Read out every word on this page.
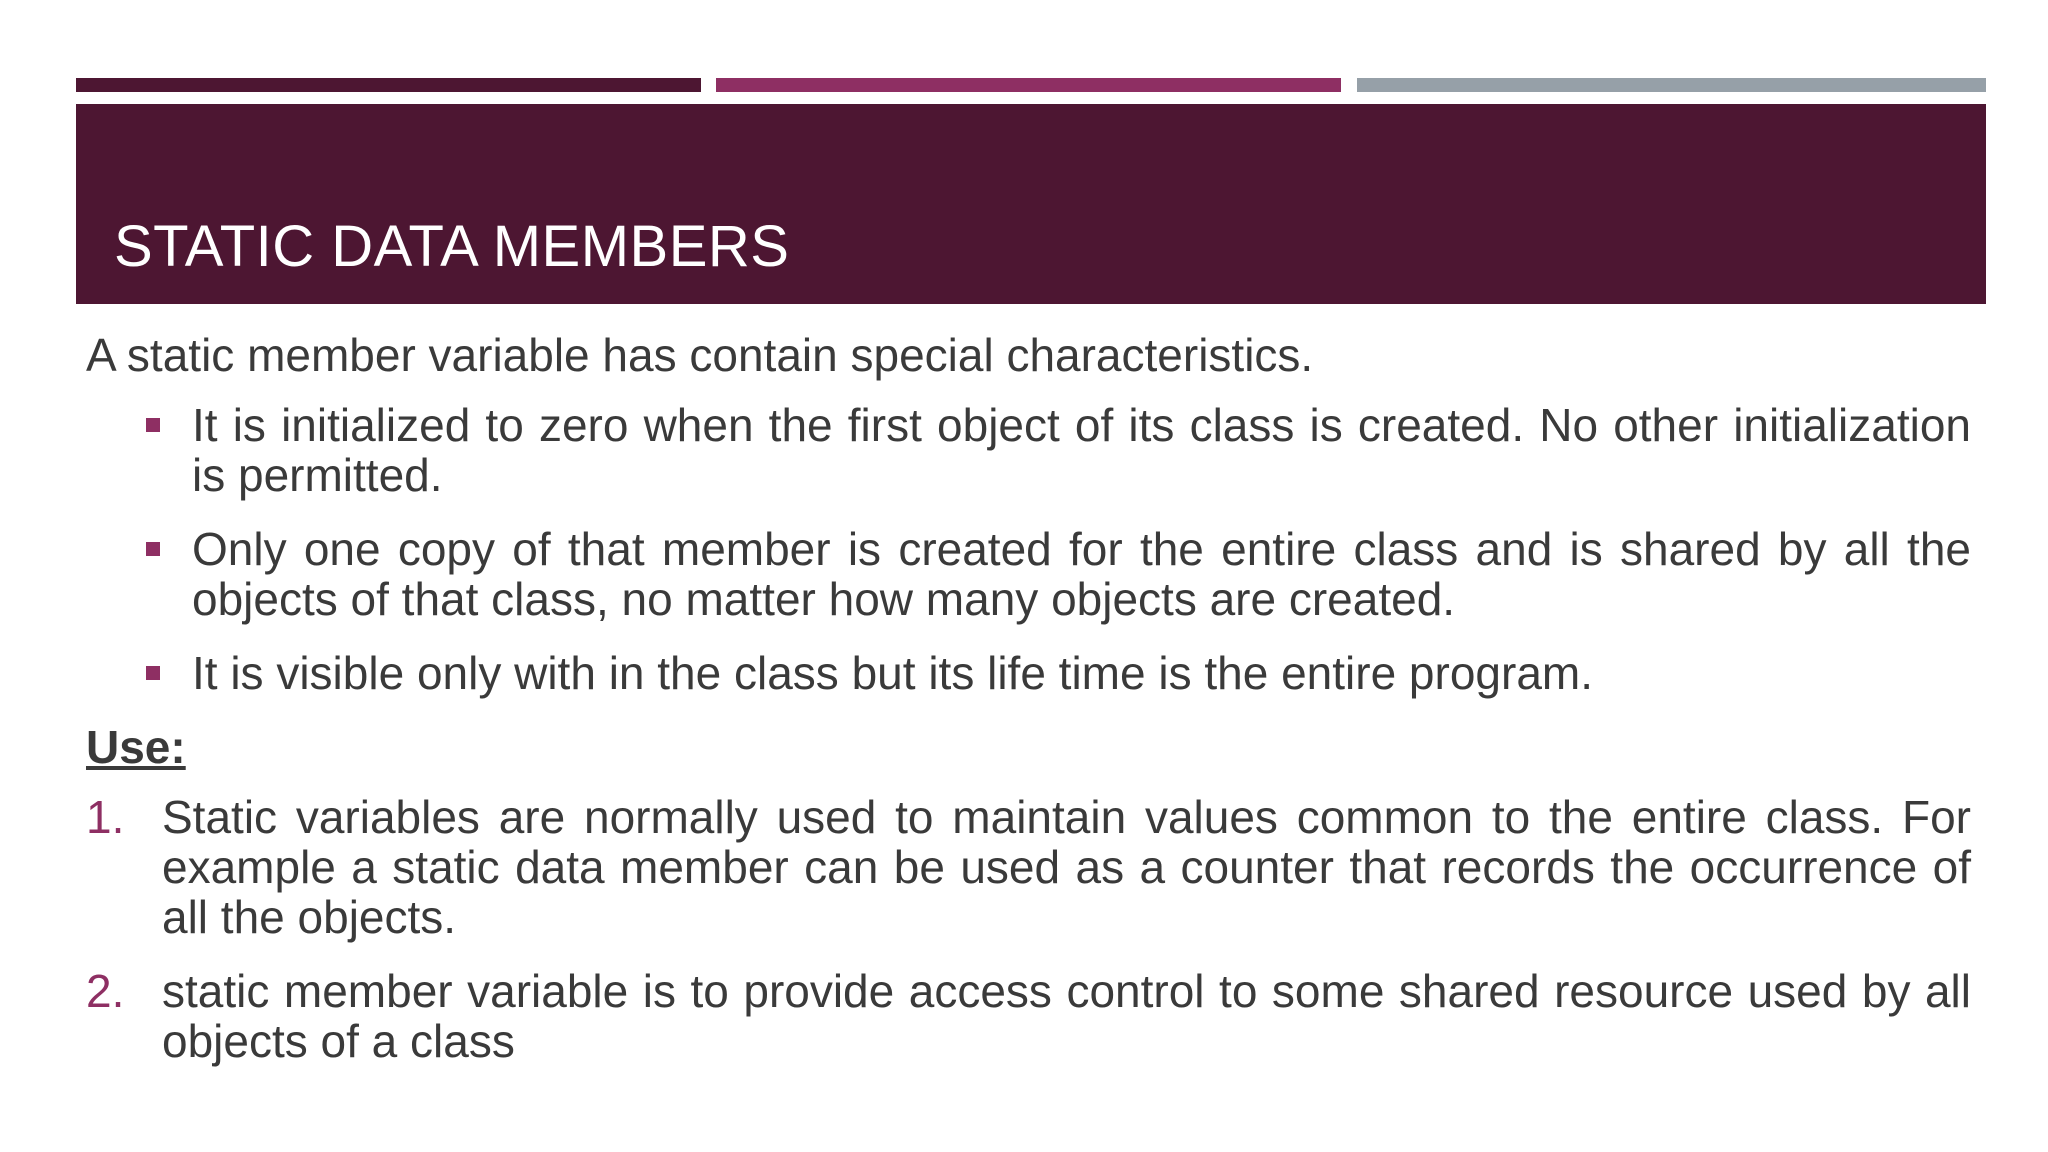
STATIC DATA MEMBERS

A static member variable has contain special characteristics.

It is initialized to zero when the first object of its class is created. No other initialization is permitted.
Only one copy of that member is created for the entire class and is shared by all the objects of that class, no matter how many objects are created.
It is visible only with in the class but its life time is the entire program.

Use:

1. Static variables are normally used to maintain values common to the entire class. For example a static data member can be used as a counter that records the occurrence of all the objects.
2. static member variable is to provide access control to some shared resource used by all objects of a class
